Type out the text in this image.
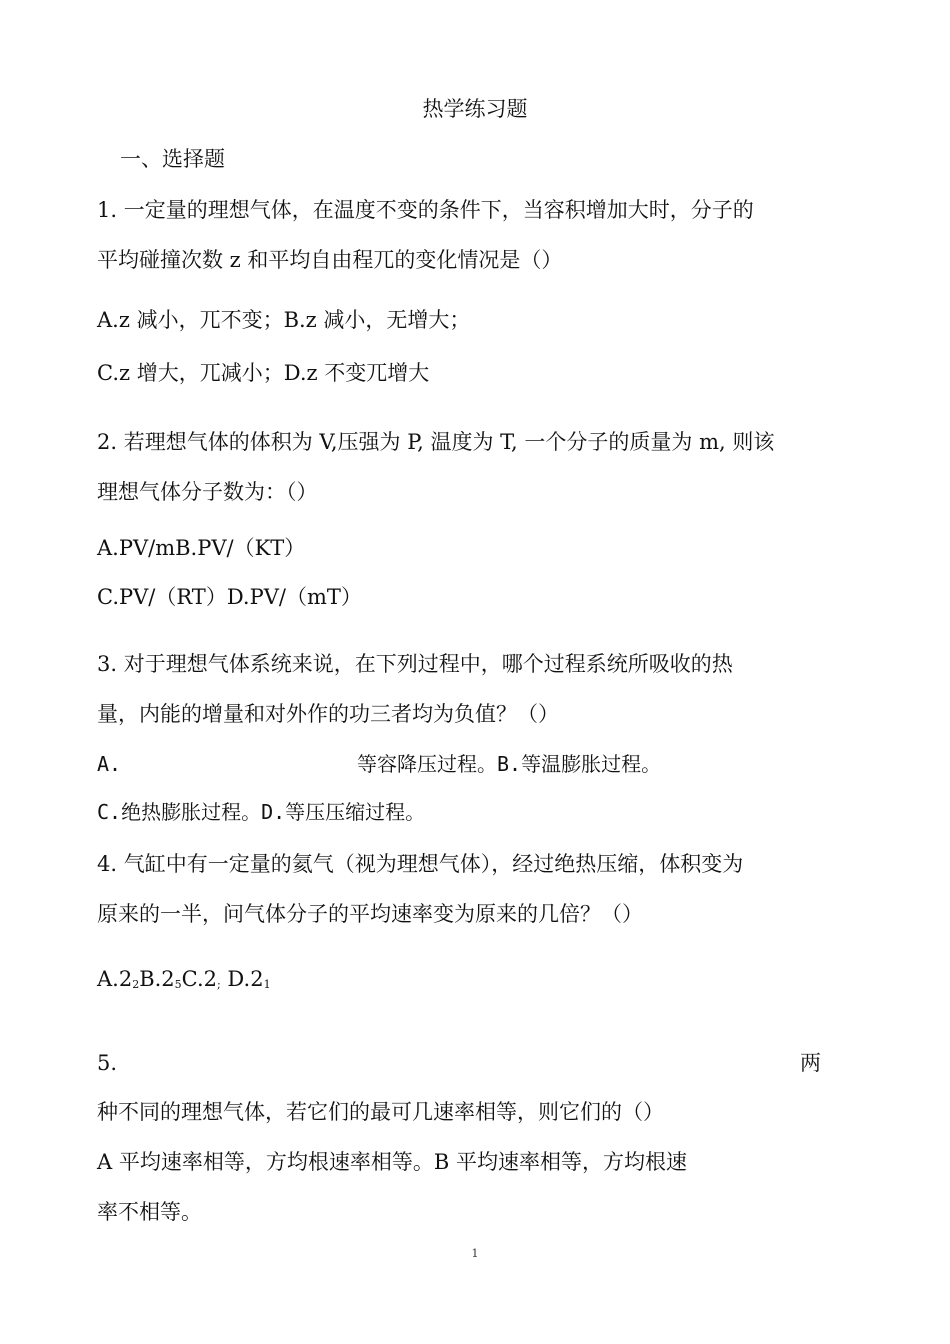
热学练习题
一、选择题
1. 一定量的理想气体，在温度不变的条件下，当容积增加大时，分子的
平均碰撞次数 z 和平均自由程兀的变化情况是（）
A.z 减小，兀不变；B.z 减小，无增大；
C.z 增大，兀减小；D.z 不变兀增大
2. 若理想气体的体积为 V,压强为 P, 温度为 T, 一个分子的质量为 m, 则该
理想气体分子数为：（）
A.PV/mB.PV/（KT）
C.PV/（RT）D.PV/（mT）
3. 对于理想气体系统来说，在下列过程中，哪个过程系统所吸收的热
量，内能的增量和对外作的功三者均为负值？（）
A.	等容降压过程。B.等温膨胀过程。
C.绝热膨胀过程。D.等压压缩过程。
4. 气缸中有一定量的氦气（视为理想气体），经过绝热压缩，体积变为
原来的一半，问气体分子的平均速率变为原来的几倍？（）
A.22B.25C.2; D.21
5.	两
种不同的理想气体，若它们的最可几速率相等，则它们的（）
A 平均速率相等，方均根速率相等。B 平均速率相等，方均根速
率不相等。
1
